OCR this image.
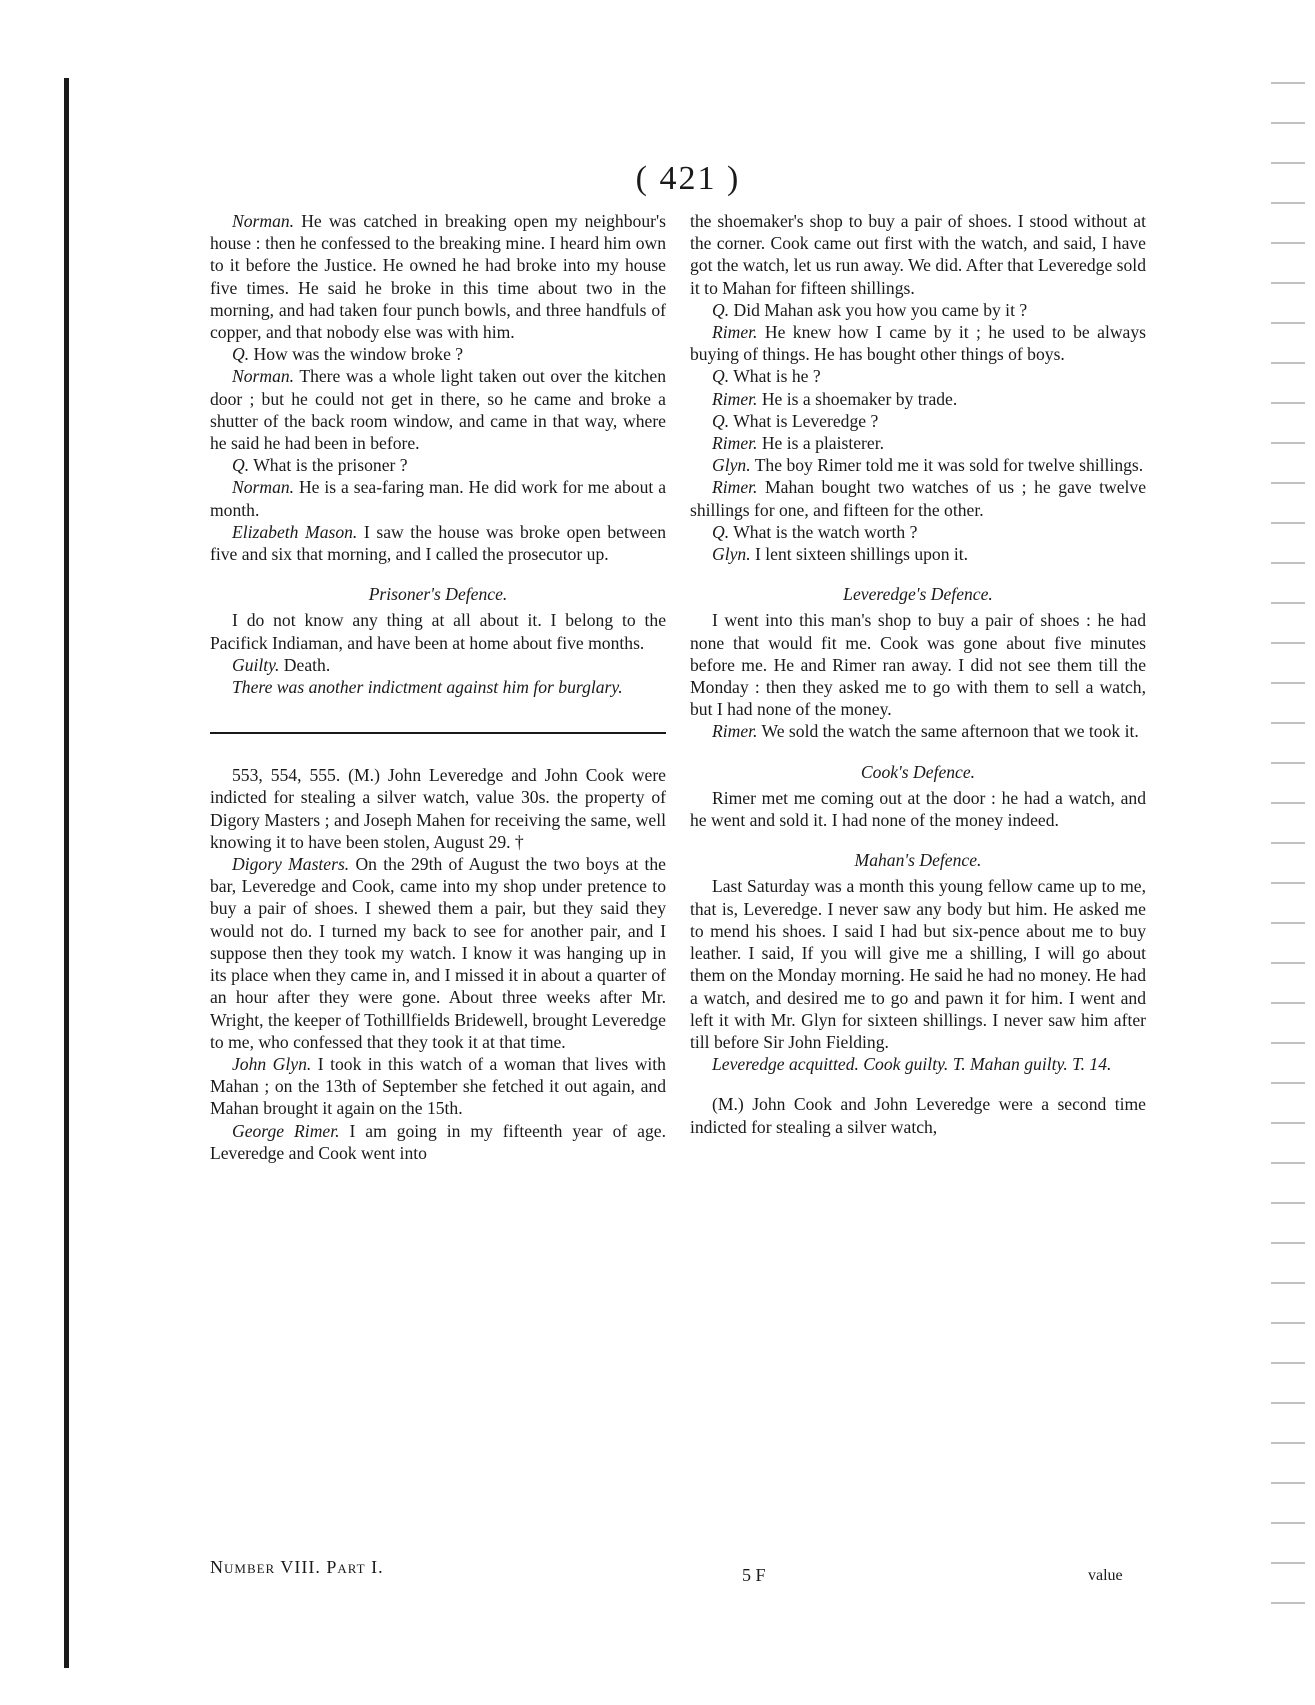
( 421 )

Norman. He was catched in breaking open my neighbour's house : then he confessed to the breaking mine. I heard him own to it before the Justice. He owned he had broke into my house five times. He said he broke in this time about two in the morning, and had taken four punch bowls, and three handfuls of copper, and that nobody else was with him.

Q. How was the window broke ?

Norman. There was a whole light taken out over the kitchen door ; but he could not get in there, so he came and broke a shutter of the back room window, and came in that way, where he said he had been in before.

Q. What is the prisoner ?

Norman. He is a sea-faring man. He did work for me about a month.

Elizabeth Mason. I saw the house was broke open between five and six that morning, and I called the prosecutor up.

Prisoner's Defence.

I do not know any thing at all about it. I belong to the Pacifick Indiaman, and have been at home about five months.

Guilty. Death.

There was another indictment against him for burglary.

553, 554, 555. (M.) John Leveredge and John Cook were indicted for stealing a silver watch, value 30s. the property of Digory Masters ; and Joseph Mahen for receiving the same, well knowing it to have been stolen, August 29. †

Digory Masters. On the 29th of August the two boys at the bar, Leveredge and Cook, came into my shop under pretence to buy a pair of shoes. I shewed them a pair, but they said they would not do. I turned my back to see for another pair, and I suppose then they took my watch. I know it was hanging up in its place when they came in, and I missed it in about a quarter of an hour after they were gone. About three weeks after Mr. Wright, the keeper of Tothillfields Bridewell, brought Leveredge to me, who confessed that they took it at that time.

John Glyn. I took in this watch of a woman that lives with Mahan ; on the 13th of September she fetched it out again, and Mahan brought it again on the 15th.

George Rimer. I am going in my fifteenth year of age. Leveredge and Cook went into

Number VIII. Part I.

the shoemaker's shop to buy a pair of shoes. I stood without at the corner. Cook came out first with the watch, and said, I have got the watch, let us run away. We did. After that Leveredge sold it to Mahan for fifteen shillings.

Q. Did Mahan ask you how you came by it ?

Rimer. He knew how I came by it ; he used to be always buying of things. He has bought other things of boys.

Q. What is he ?

Rimer. He is a shoemaker by trade.

Q. What is Leveredge ?

Rimer. He is a plaisterer.

Glyn. The boy Rimer told me it was sold for twelve shillings.

Rimer. Mahan bought two watches of us ; he gave twelve shillings for one, and fifteen for the other.

Q. What is the watch worth ?

Glyn. I lent sixteen shillings upon it.

Leveredge's Defence.

I went into this man's shop to buy a pair of shoes : he had none that would fit me. Cook was gone about five minutes before me. He and Rimer ran away. I did not see them till the Monday : then they asked me to go with them to sell a watch, but I had none of the money.

Rimer. We sold the watch the same afternoon that we took it.

Cook's Defence.

Rimer met me coming out at the door : he had a watch, and he went and sold it. I had none of the money indeed.

Mahan's Defence.

Last Saturday was a month this young fellow came up to me, that is, Leveredge. I never saw any body but him. He asked me to mend his shoes. I said I had but six-pence about me to buy leather. I said, If you will give me a shilling, I will go about them on the Monday morning. He said he had no money. He had a watch, and desired me to go and pawn it for him. I went and left it with Mr. Glyn for sixteen shillings. I never saw him after till before Sir John Fielding.

Leveredge acquitted. Cook guilty. T. Mahan guilty. T. 14.

(M.) John Cook and John Leveredge were a second time indicted for stealing a silver watch,

5 F	value
